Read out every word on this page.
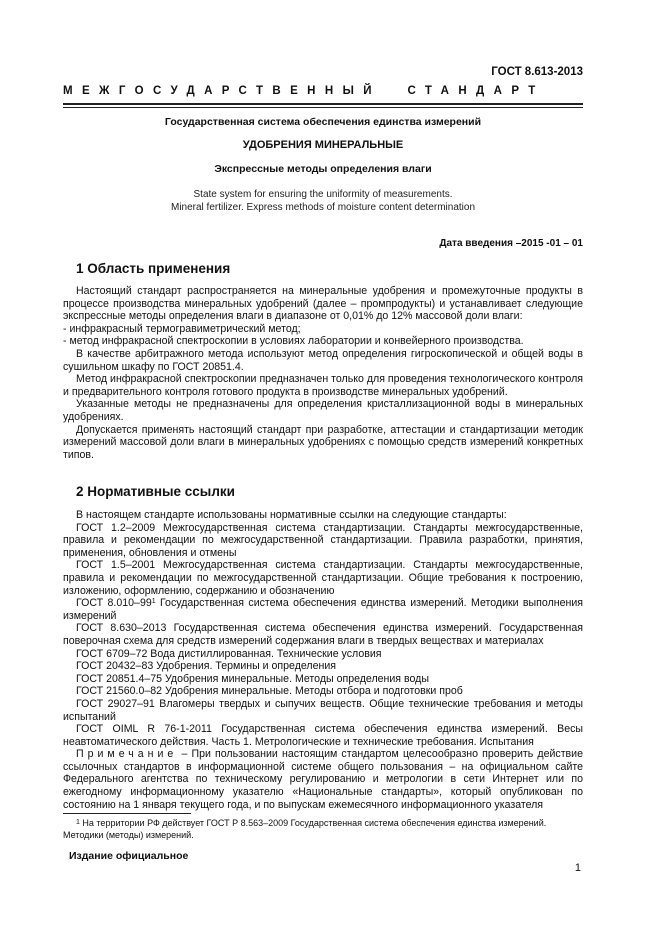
ГОСТ 8.613-2013
МЕЖГОСУДАРСТВЕННЫЙ СТАНДАРТ
Государственная система обеспечения единства измерений
УДОБРЕНИЯ МИНЕРАЛЬНЫЕ
Экспрессные методы определения влаги
State system for ensuring the uniformity of measurements.
Mineral fertilizer. Express methods of moisture content determination
Дата введения –2015 -01 – 01
1 Область применения

Настоящий стандарт распространяется на минеральные удобрения и промежуточные продукты в процессе производства минеральных удобрений (далее – промпродукты) и устанавливает следующие экспрессные методы определения влаги в диапазоне от 0,01% до 12% массовой доли влаги:

- инфракрасный термогравиметрический метод;

- метод инфракрасной спектроскопии в условиях лаборатории и конвейерного производства.

В качестве арбитражного метода используют метод определения гигроскопической и общей воды в сушильном шкафу по ГОСТ 20851.4.

Метод инфракрасной спектроскопии предназначен только для проведения технологического контроля и предварительного контроля готового продукта в производстве минеральных удобрений.

Указанные методы не предназначены для определения кристаллизационной воды в минеральных удобрениях.

Допускается применять настоящий стандарт при разработке, аттестации и стандартизации методик измерений массовой доли влаги в минеральных удобрениях с помощью средств измерений конкретных типов.

2 Нормативные ссылки

В настоящем стандарте использованы нормативные ссылки на следующие стандарты:

ГОСТ 1.2–2009 Межгосударственная система стандартизации. Стандарты межгосударственные, правила и рекомендации по межгосударственной стандартизации. Правила разработки, принятия, применения, обновления и отмены

ГОСТ 1.5–2001 Межгосударственная система стандартизации. Стандарты межгосударственные, правила и рекомендации по межгосударственной стандартизации. Общие требования к построению, изложению, оформлению, содержанию и обозначению

ГОСТ $8.010-99^1$ Государственная система обеспечения единства измерений. Методики выполнения измерений

ГОСТ 8.630–2013 Государственная система обеспечения единства измерений. Государственная поверочная схема для средств измерений содержания влаги в твердых веществах и материалах

ГОСТ 6709–72 Вода дистиллированная. Технические условия

ГОСТ 20432–83 Удобрения. Термины и определения

ГОСТ 20851.4–75 Удобрения минеральные. Методы определения воды

ГОСТ 21560.0–82 Удобрения минеральные. Методы отбора и подготовки проб

ГОСТ 29027–91 Влагомеры твердых и сыпучих веществ. Общие технические требования и методы испытаний

ГОСТ OIML R 76-1-2011 Государственная система обеспечения единства измерений. Весы неавтоматического действия. Часть 1. Метрологические и технические требования. Испытания

Примечание – При пользовании настоящим стандартом целесообразно проверить действие ссылочных стандартов в информационной системе общего пользования – на официальном сайте Федерального агентства по техническому регулированию и метрологии в сети Интернет или по ежегодному информационному указателю «Национальные стандарты», который опубликован по состоянию на 1 января текущего года, и по выпускам ежемесячного информационного указателя

$^1$ На территории РФ действует ГОСТ Р 8.563–2009 Государственная система обеспечения единства измерений. Методики (методы) измерений.

Издание официальное
1
